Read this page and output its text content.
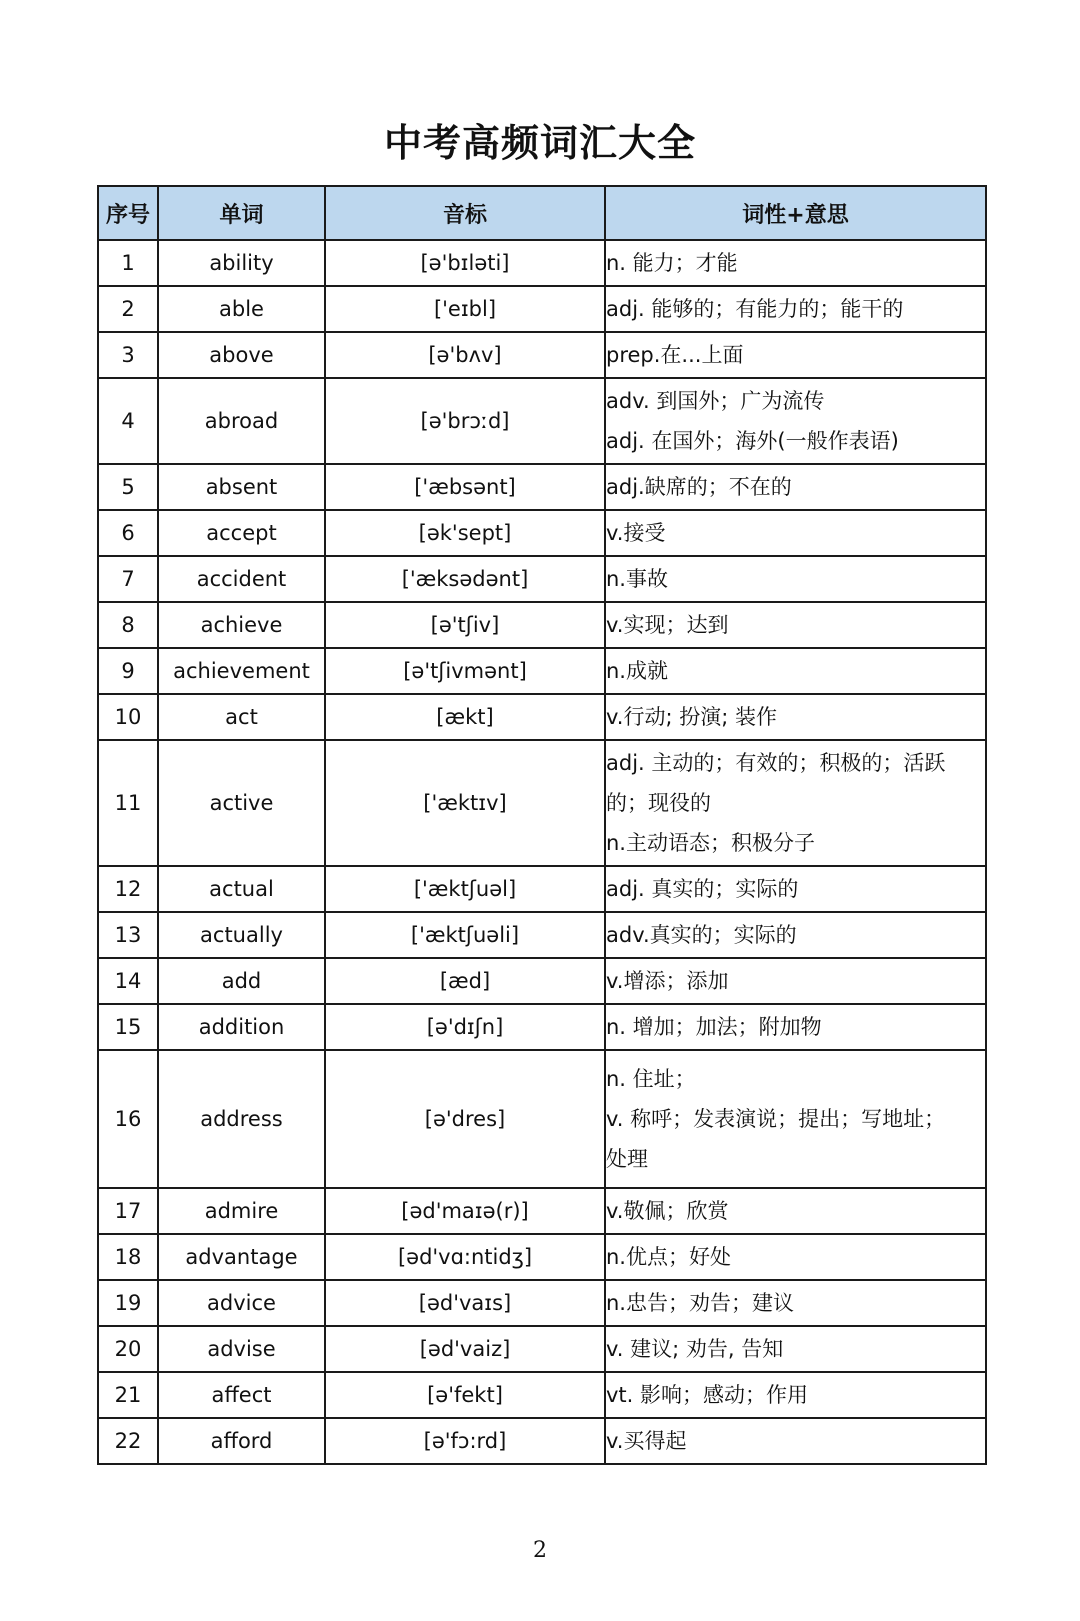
中考高频词汇大全
序号	单词	音标	词性+意思
1	ability	[ə'bɪləti]	n. 能力；才能

2	able	['eɪbl]	adj. 能够的；有能力的；能干的

3	above	[ə'bʌv]	prep.在...上面

4	abroad	[ə'brɔːd]	adv. 到国外；广为流传
adj. 在国外；海外(一般作表语)

5	absent	['æbsənt]	adj.缺席的；不在的

6	accept	[ək'sept]	v.接受

7	accident	['æksədənt]	n.事故

8	achieve	[ə'tʃiv]	v.实现；达到

9	achievement	[ə'tʃivmənt]	n.成就

10	act	[ækt]	v.行动; 扮演; 装作

11	active	['æktɪv]	adj. 主动的；有效的；积极的；活跃
的；现役的
n.主动语态；积极分子

12	actual	['æktʃuəl]	adj. 真实的；实际的

13	actually	['æktʃuəli]	adv.真实的；实际的

14	add	[æd]	v.增添；添加

15	addition	[ə'dɪʃn]	n. 增加；加法；附加物

16	address	[ə'dres]	n. 住址；
v. 称呼；发表演说；提出；写地址；
处理

17	admire	[əd'maɪə(r)]	v.敬佩；欣赏

18	advantage	[əd'vɑ:ntidʒ]	n.优点；好处

19	advice	[əd'vaɪs]	n.忠告；劝告；建议

20	advise	[əd'vaiz]	v. 建议; 劝告, 告知

21	affect	[ə'fekt]	vt. 影响；感动；作用

22	afford	[ə'fɔ:rd]	v.买得起
2
